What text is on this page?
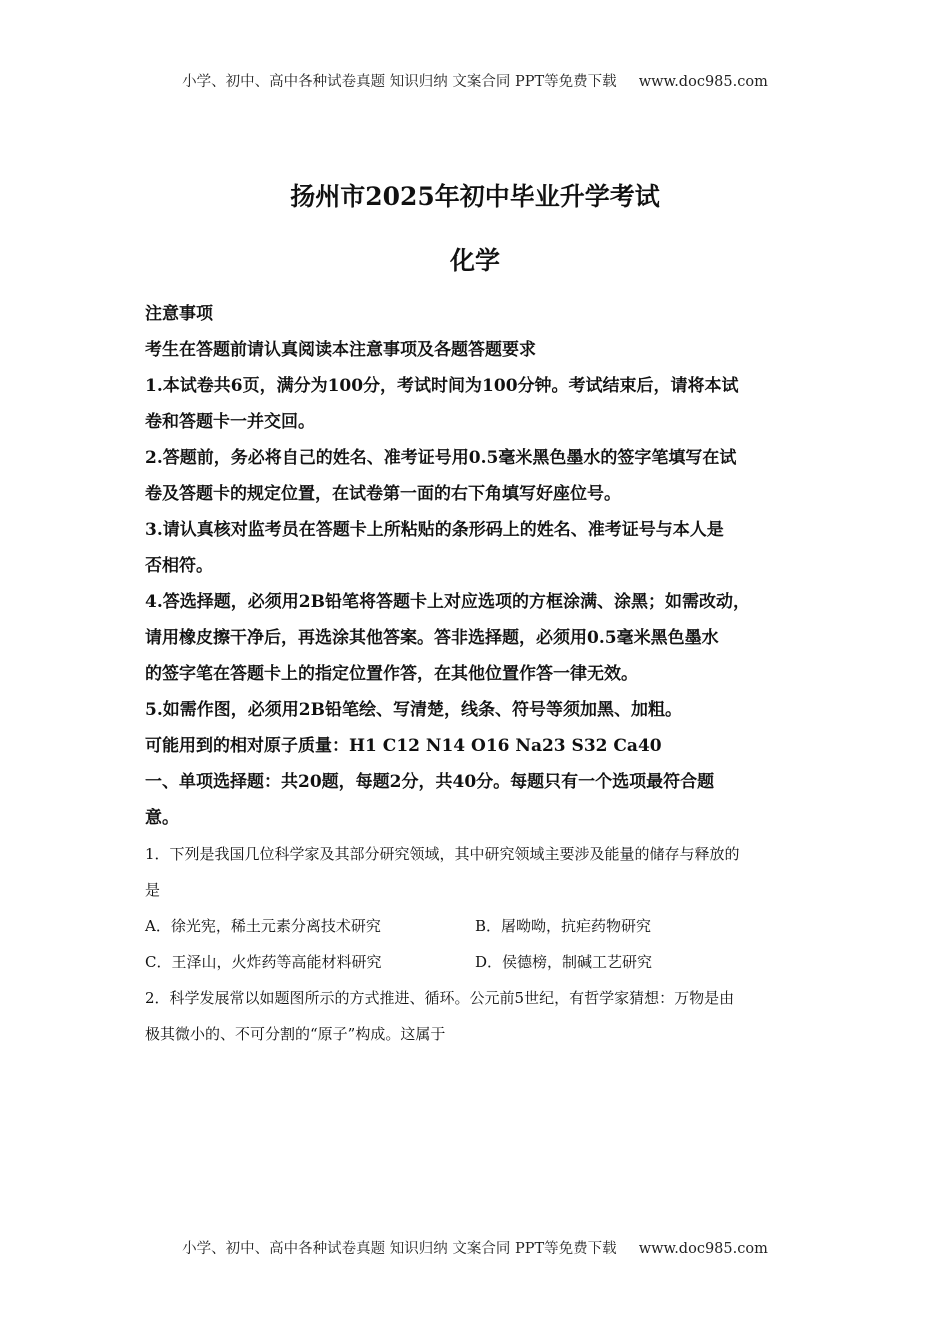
小学、初中、高中各种试卷真题 知识归纳 文案合同 PPT等免费下载 www.doc985.com
扬州市2025年初中毕业升学考试
化学

注意事项

考生在答题前请认真阅读本注意事项及各题答题要求

1.本试卷共6页，满分为100分，考试时间为100分钟。考试结束后，请将本试

卷和答题卡一并交回。

2.答题前，务必将自己的姓名、准考证号用0.5毫米黑色墨水的签字笔填写在试

卷及答题卡的规定位置，在试卷第一面的右下角填写好座位号。

3.请认真核对监考员在答题卡上所粘贴的条形码上的姓名、准考证号与本人是

否相符。

4.答选择题，必须用2B铅笔将答题卡上对应选项的方框涂满、涂黑；如需改动，

请用橡皮擦干净后，再选涂其他答案。答非选择题，必须用0.5毫米黑色墨水

的签字笔在答题卡上的指定位置作答，在其他位置作答一律无效。

5.如需作图，必须用2B铅笔绘、写清楚，线条、符号等须加黑、加粗。

可能用到的相对原子质量：H1 C12 N14 O16 Na23 S32 Ca40

一、单项选择题：共20题，每题2分，共40分。每题只有一个选项最符合题

意。

1．下列是我国几位科学家及其部分研究领域，其中研究领域主要涉及能量的储存与释放的

是

A．徐光宪，稀土元素分离技术研究	B．屠呦呦，抗疟药物研究
C．王泽山，火炸药等高能材料研究	D．侯德榜，制碱工艺研究

2．科学发展常以如题图所示的方式推进、循环。公元前5世纪，有哲学家猜想：万物是由

极其微小的、不可分割的“原子”构成。这属于

小学、初中、高中各种试卷真题 知识归纳 文案合同 PPT等免费下载 www.doc985.com
